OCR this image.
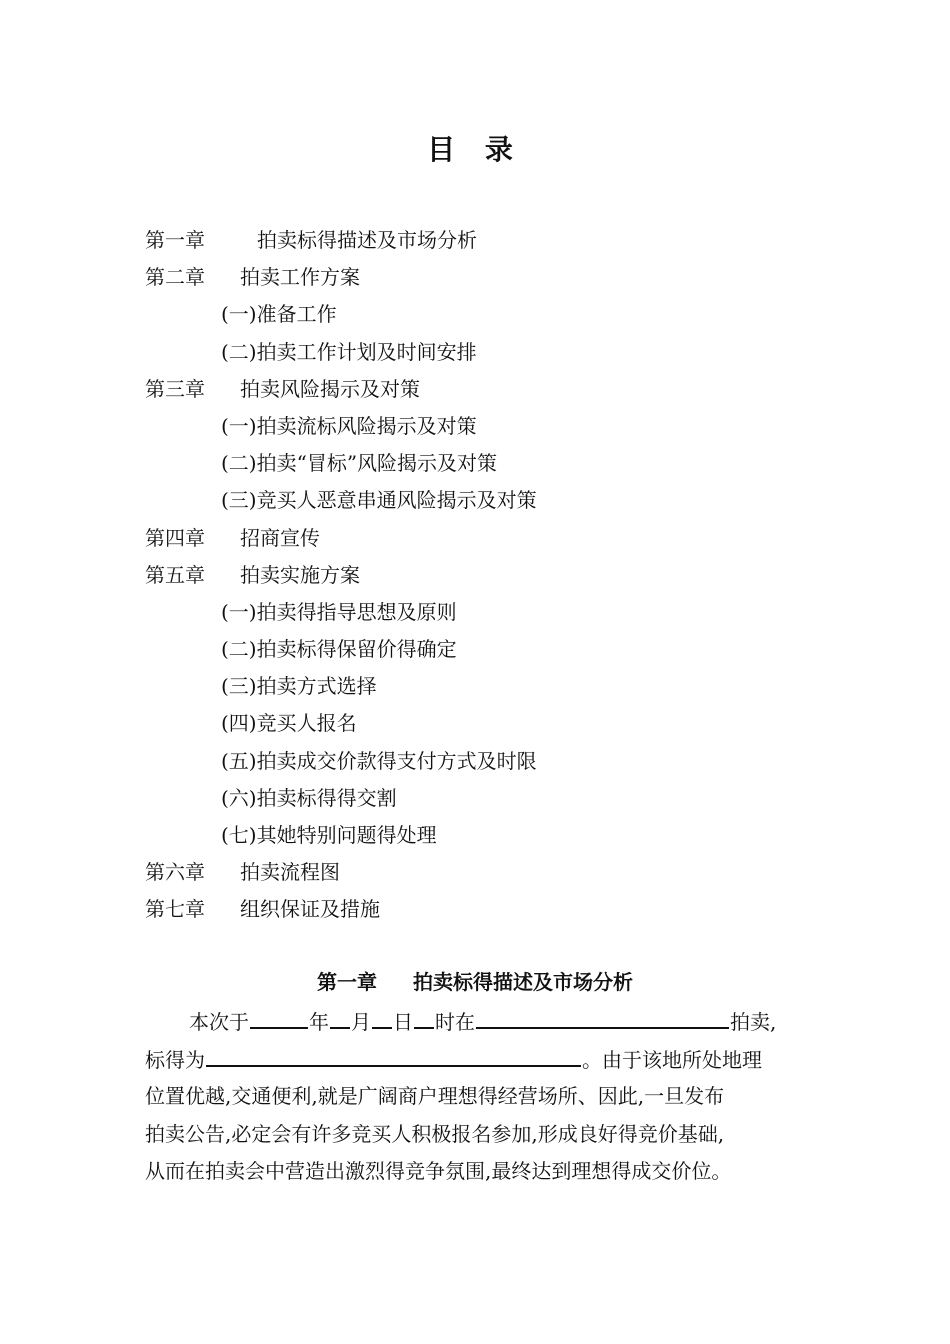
目 录
第一章	拍卖标得描述及市场分析
第二章 拍卖工作方案
(一)准备工作
(二)拍卖工作计划及时间安排
第三章 拍卖风险揭示及对策
(一)拍卖流标风险揭示及对策
(二)拍卖“冒标”风险揭示及对策
(三)竞买人恶意串通风险揭示及对策
第四章 招商宣传
第五章 拍卖实施方案
(一)拍卖得指导思想及原则
(二)拍卖标得保留价得确定
(三)拍卖方式选择
(四)竞买人报名
(五)拍卖成交价款得支付方式及时限
(六)拍卖标得得交割
(七)其她特别问题得处理
第六章 拍卖流程图
第七章 组织保证及措施
第一章 拍卖标得描述及市场分析
本次于	年 月 日 时在	拍卖,
标得为	。由于该地所处地理
位置优越,交通便利,就是广阔商户理想得经营场所、因此,一旦发布
拍卖公告,必定会有许多竞买人积极报名参加,形成良好得竞价基础,
从而在拍卖会中营造出激烈得竞争氛围,最终达到理想得成交价位。
